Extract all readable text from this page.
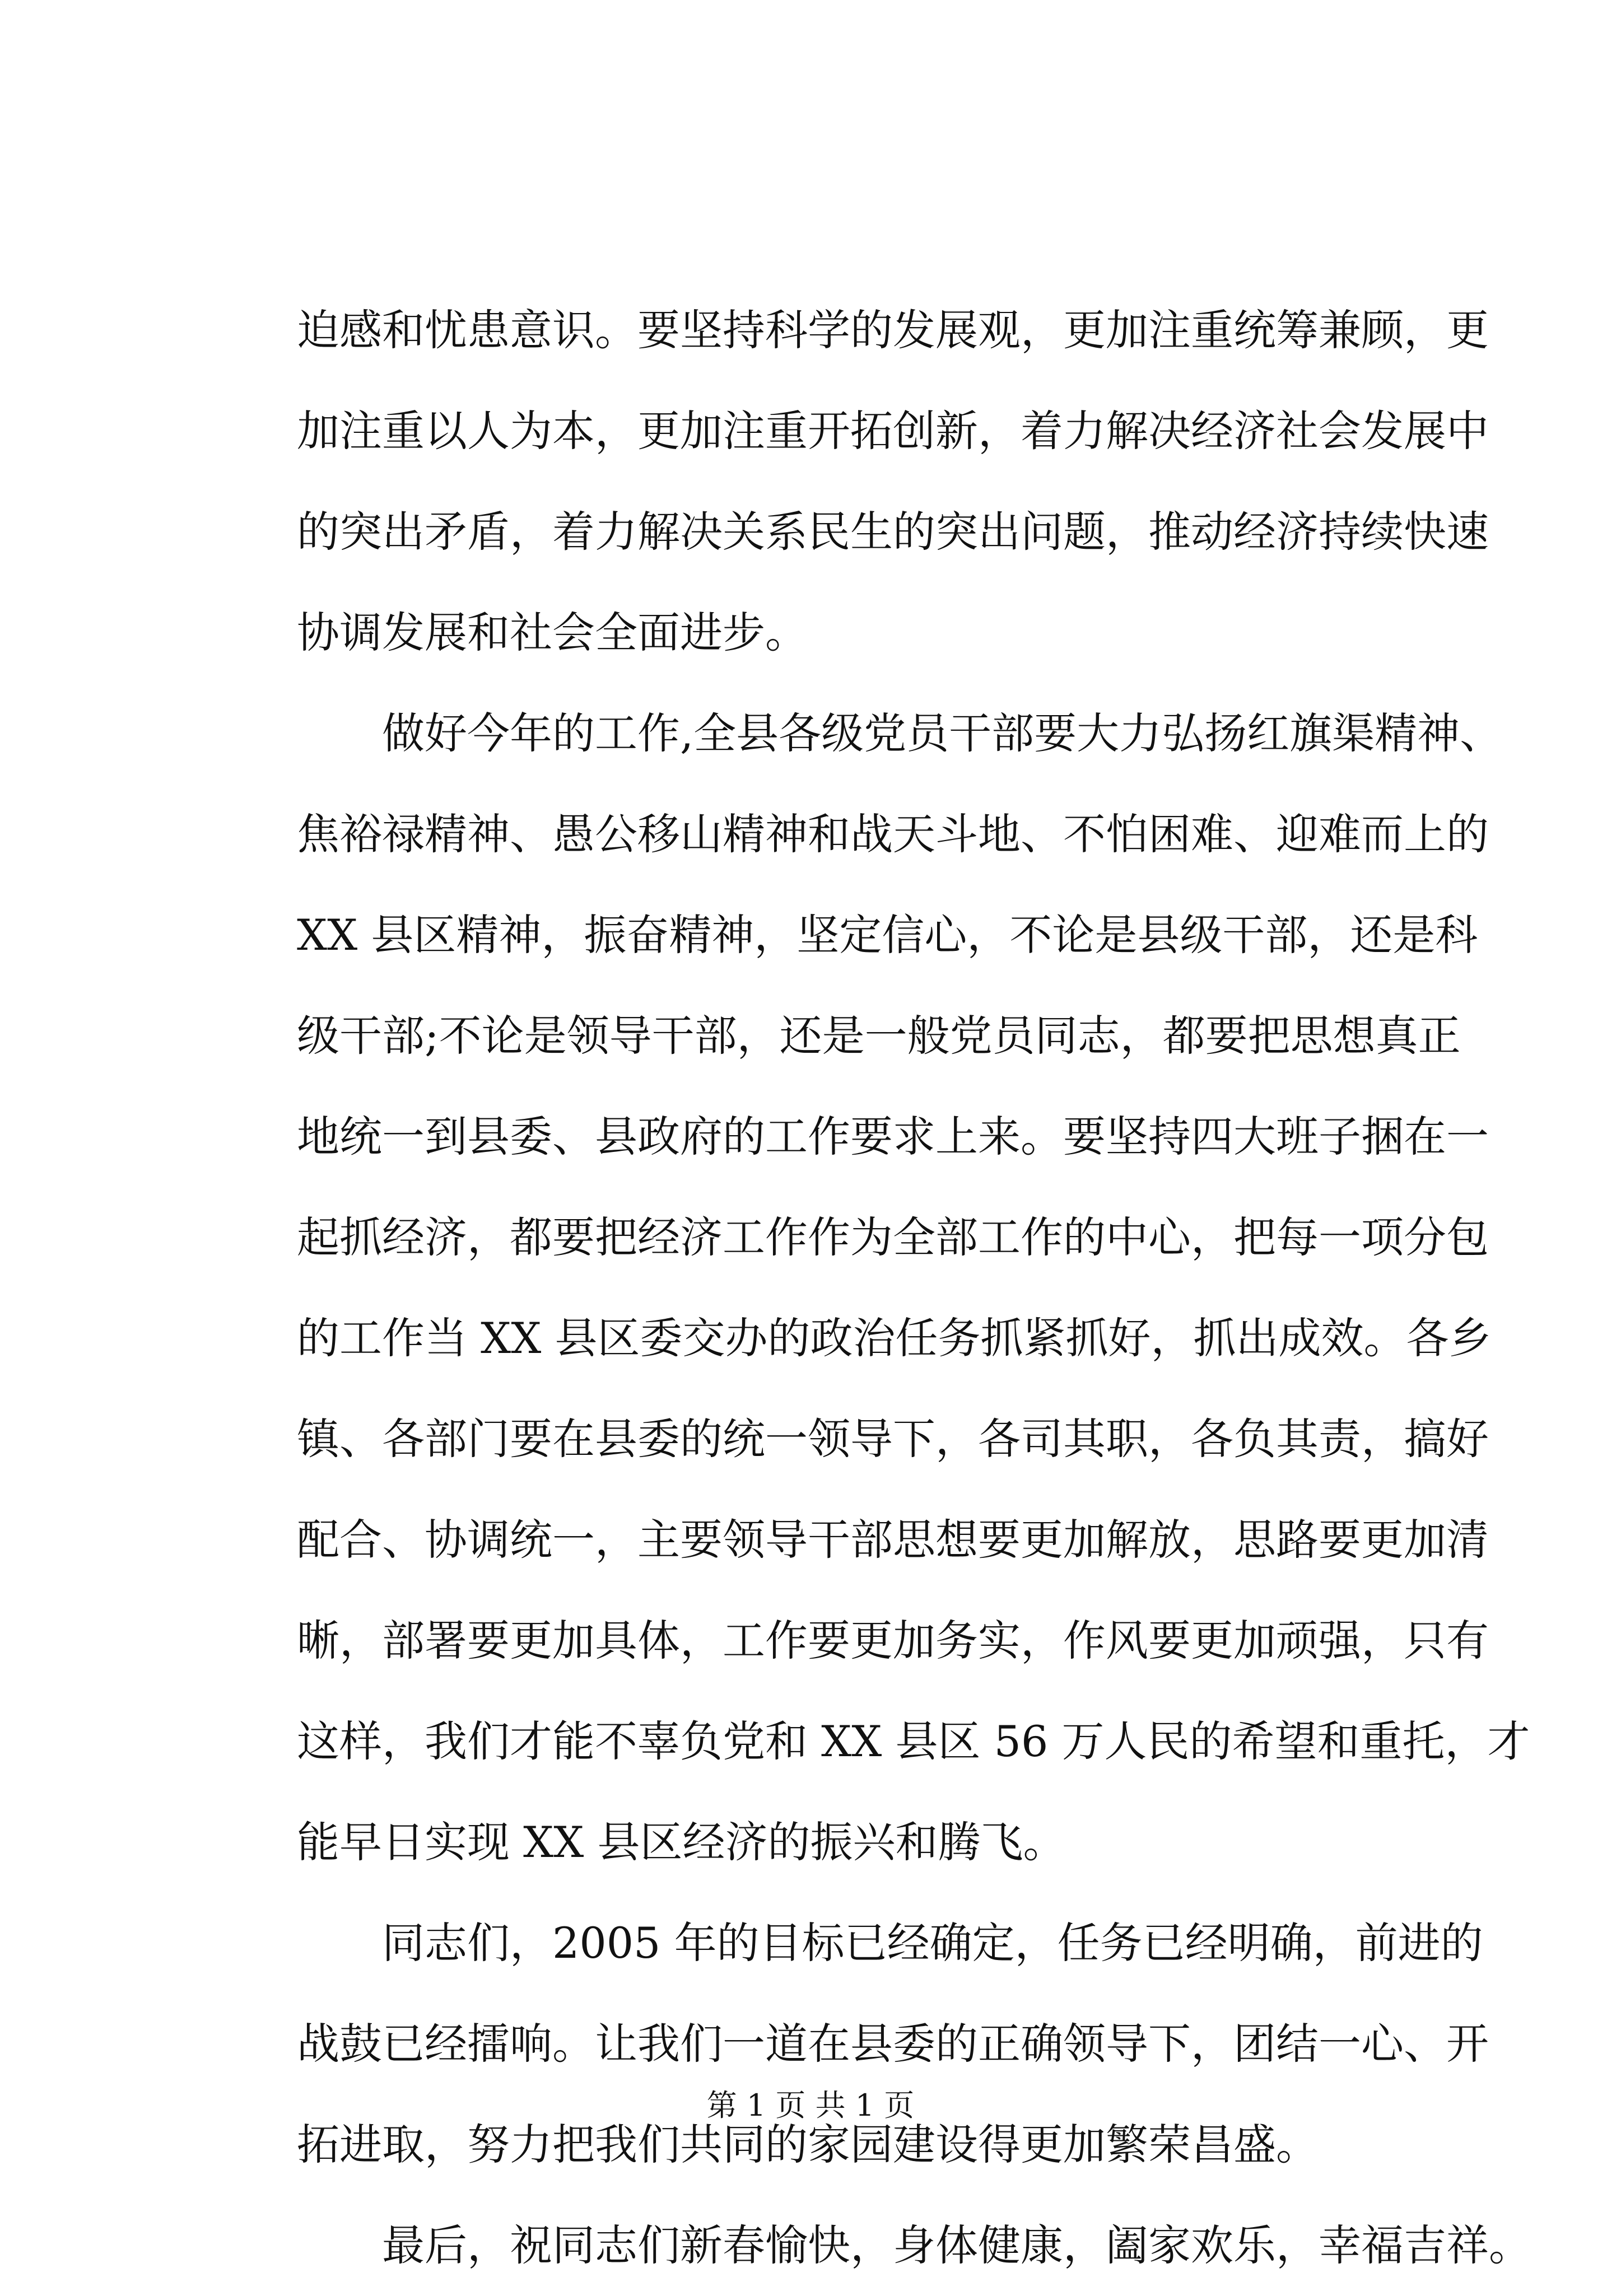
迫感和忧患意识。要坚持科学的发展观，更加注重统筹兼顾，更
加注重以人为本，更加注重开拓创新，着力解决经济社会发展中
的突出矛盾，着力解决关系民生的突出问题，推动经济持续快速
协调发展和社会全面进步。
做好今年的工作,全县各级党员干部要大力弘扬红旗渠精神、
焦裕禄精神、愚公移山精神和战天斗地、不怕困难、迎难而上的
XX 县区精神，振奋精神，坚定信心，不论是县级干部，还是科
级干部;不论是领导干部，还是一般党员同志，都要把思想真正
地统一到县委、县政府的工作要求上来。要坚持四大班子捆在一
起抓经济，都要把经济工作作为全部工作的中心，把每一项分包
的工作当 XX 县区委交办的政治任务抓紧抓好，抓出成效。各乡
镇、各部门要在县委的统一领导下，各司其职，各负其责，搞好
配合、协调统一，主要领导干部思想要更加解放，思路要更加清
晰，部署要更加具体，工作要更加务实，作风要更加顽强，只有
这样，我们才能不辜负党和 XX 县区 56 万人民的希望和重托，才
能早日实现 XX 县区经济的振兴和腾飞。
同志们，2005 年的目标已经确定，任务已经明确，前进的
战鼓已经擂响。让我们一道在县委的正确领导下，团结一心、开
拓进取，努力把我们共同的家园建设得更加繁荣昌盛。
最后，祝同志们新春愉快，身体健康，阖家欢乐，幸福吉祥。
第 1 页 共 1 页
